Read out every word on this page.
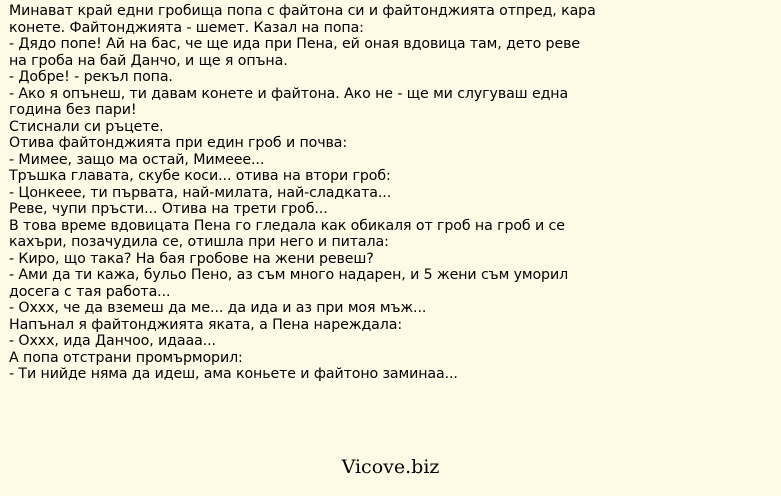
Минават край едни гробища попа с файтона си и файтонджията отпред, кара
конете. Файтонджията - шемет. Казал на попа:
- Дядо попе! Ай на бас, че ще ида при Пена, ей оная вдовица там, дето реве
на гроба на бай Данчо, и ще я опъна.
- Добре! - рекъл попа.
- Ако я опънеш, ти давам конете и файтона. Ако не - ще ми слугуваш една
година без пари!
Стиснали си ръцете.
Отива файтонджията при един гроб и почва:
- Мимее, защо ма остай, Мимеее...
Тръшка главата, скубе коси... отива на втори гроб:
- Цонкеее, ти първата, най-милата, най-сладката...
Реве, чупи пръсти... Отива на трети гроб...
В това време вдовицата Пена го гледала как обикаля от гроб на гроб и се
кахъри, позачудила се, отишла при него и питала:
- Киро, що така? На бая гробове на жени ревеш?
- Ами да ти кажа, бульо Пено, аз съм много надарен, и 5 жени съм уморил
досега с тая работа...
- Охxx, че да вземеш да ме... да ида и аз при моя мъж...
Напънал я файтонджията яката, а Пена нареждала:
- Охxx, ида Данчоо, идааа...
А попа отстрани промърморил:
- Ти нийде няма да идеш, ама коньете и файтоно заминаа...
Vicove.biz
